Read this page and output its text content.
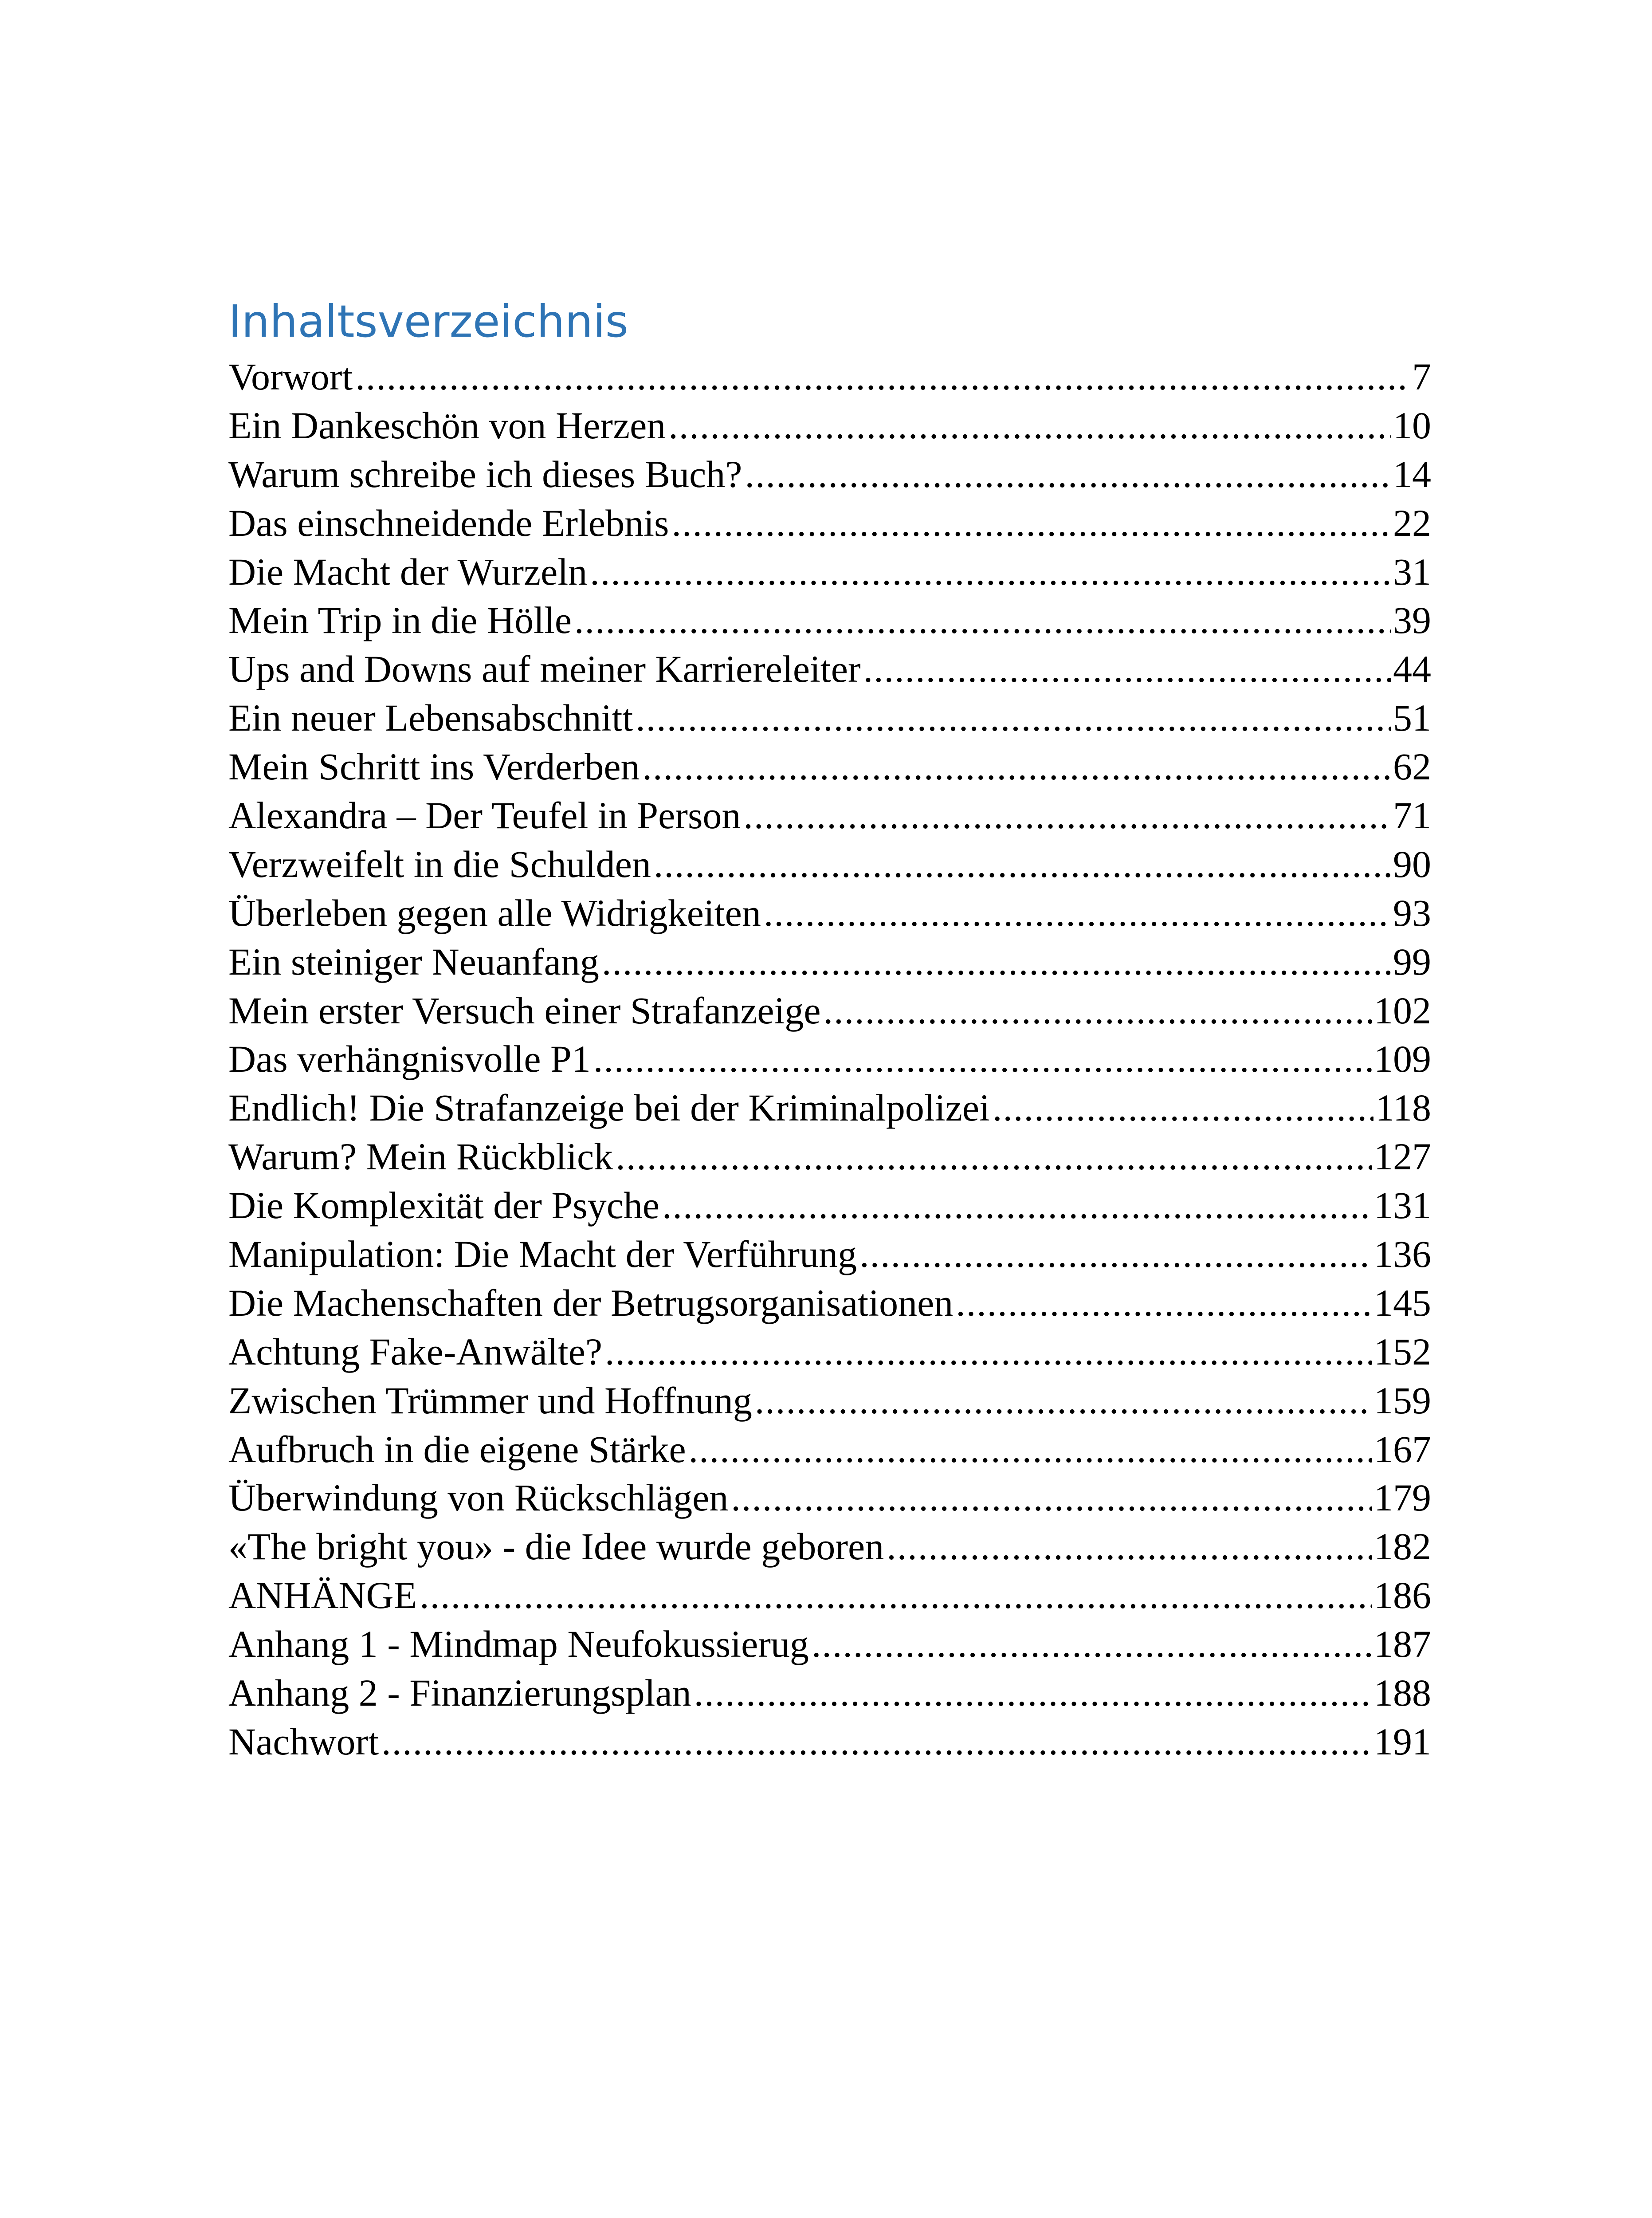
Inhaltsverzeichnis
Vorwort .....	7
Ein Dankeschön von Herzen .....	10
Warum schreibe ich dieses Buch? .....	14
Das einschneidende Erlebnis .....	22
Die Macht der Wurzeln .....	31
Mein Trip in die Hölle .....	39
Ups and Downs auf meiner Karriereleiter .....	44
Ein neuer Lebensabschnitt .....	51
Mein Schritt ins Verderben .....	62
Alexandra – Der Teufel in Person .....	71
Verzweifelt in die Schulden .....	90
Überleben gegen alle Widrigkeiten .....	93
Ein steiniger Neuanfang .....	99
Mein erster Versuch einer Strafanzeige .....	102
Das verhängnisvolle P1 .....	109
Endlich! Die Strafanzeige bei der Kriminalpolizei .....	118
Warum? Mein Rückblick .....	127
Die Komplexität der Psyche .....	131
Manipulation: Die Macht der Verführung .....	136
Die Machenschaften der Betrugsorganisationen .....	145
Achtung Fake-Anwälte? .....	152
Zwischen Trümmer und Hoffnung .....	159
Aufbruch in die eigene Stärke .....	167
Überwindung von Rückschlägen .....	179
«The bright you» - die Idee wurde geboren .....	182
ANHÄNGE .....	186
Anhang 1 - Mindmap Neufokussierug .....	187
Anhang 2 - Finanzierungsplan .....	188
Nachwort .....	191
